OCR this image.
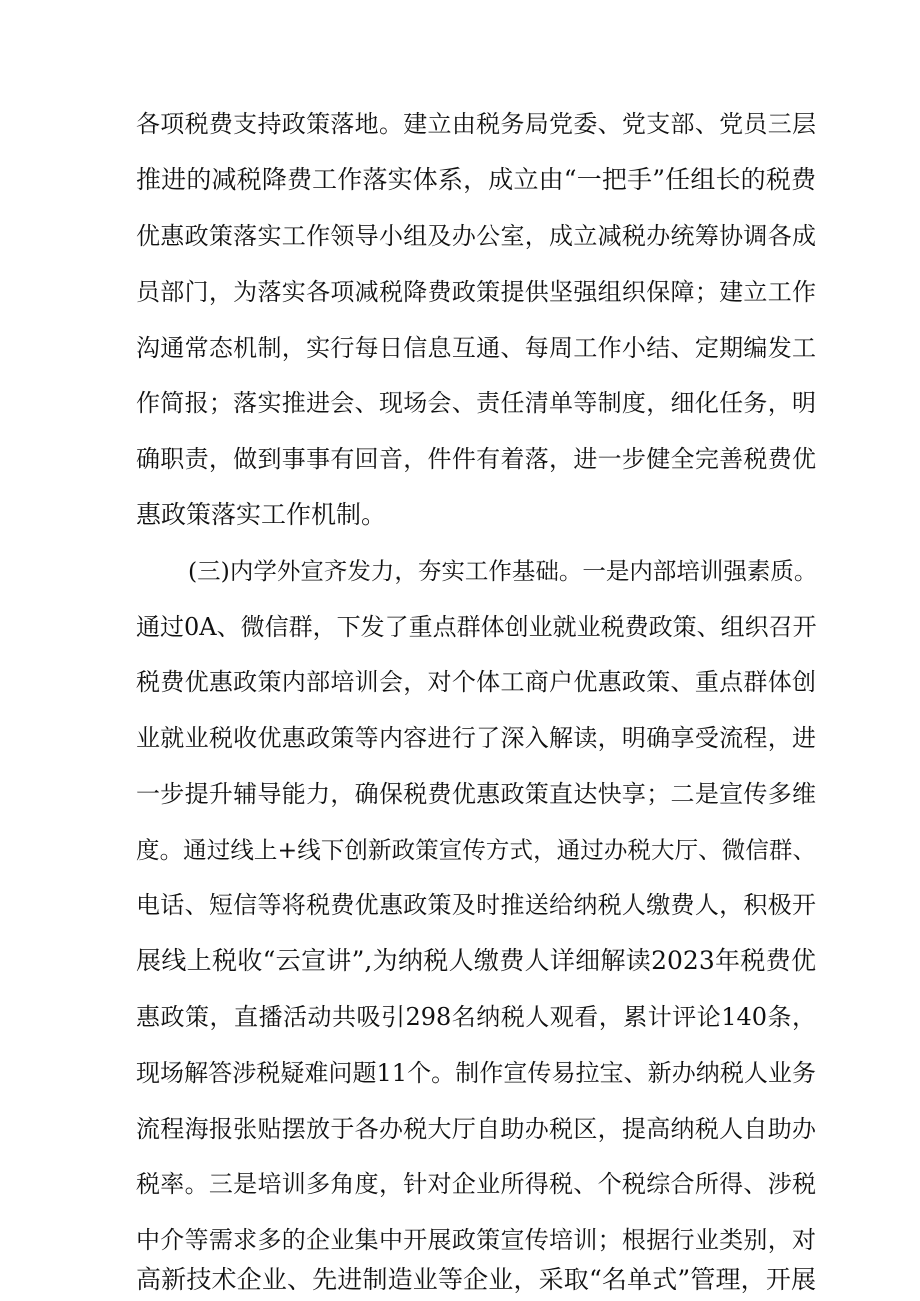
各项税费支持政策落地。建立由税务局党委、党支部、党员三层
推进的减税降费工作落实体系，成立由“一把手”任组长的税费
优惠政策落实工作领导小组及办公室，成立减税办统筹协调各成
员部门，为落实各项减税降费政策提供坚强组织保障；建立工作
沟通常态机制，实行每日信息互通、每周工作小结、定期编发工
作简报；落实推进会、现场会、责任清单等制度，细化任务，明
确职责，做到事事有回音，件件有着落，进一步健全完善税费优
惠政策落实工作机制。
(三)内学外宣齐发力，夯实工作基础。一是内部培训强素质。
通过0A、微信群，下发了重点群体创业就业税费政策、组织召开
税费优惠政策内部培训会，对个体工商户优惠政策、重点群体创
业就业税收优惠政策等内容进行了深入解读，明确享受流程，进
一步提升辅导能力，确保税费优惠政策直达快享；二是宣传多维
度。通过线上+线下创新政策宣传方式，通过办税大厅、微信群、
电话、短信等将税费优惠政策及时推送给纳税人缴费人，积极开
展线上税收“云宣讲”,为纳税人缴费人详细解读2023年税费优
惠政策，直播活动共吸引298名纳税人观看，累计评论140条，
现场解答涉税疑难问题11个。制作宣传易拉宝、新办纳税人业务
流程海报张贴摆放于各办税大厅自助办税区，提高纳税人自助办
税率。三是培训多角度，针对企业所得税、个税综合所得、涉税
中介等需求多的企业集中开展政策宣传培训；根据行业类别，对
高新技术企业、先进制造业等企业，采取“名单式”管理，开展
